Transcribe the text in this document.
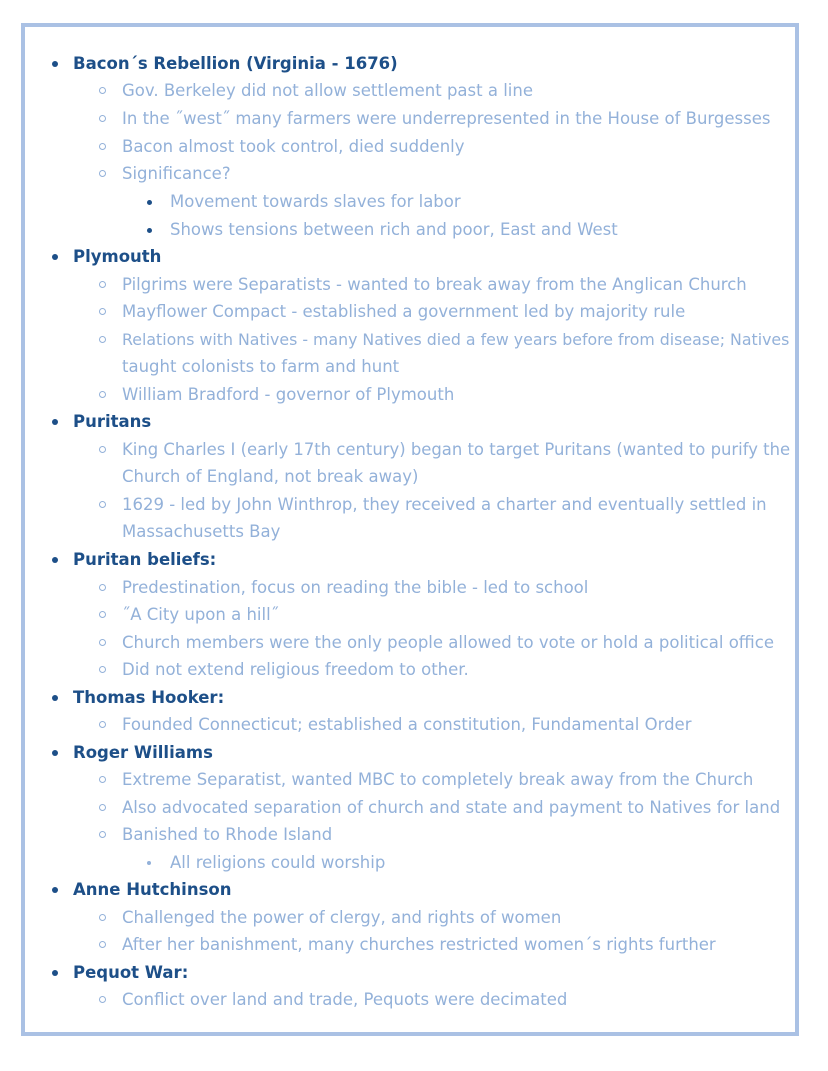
Bacon´s Rebellion (Virginia - 1676)
Gov. Berkeley did not allow settlement past a line
In the ˝west˝ many farmers were underrepresented in the House of Burgesses
Bacon almost took control, died suddenly
Significance?
Movement towards slaves for labor
Shows tensions between rich and poor, East and West
Plymouth
Pilgrims were Separatists - wanted to break away from the Anglican Church
Mayflower Compact - established a government led by majority rule
Relations with Natives - many Natives died a few years before from disease; Natives
taught colonists to farm and hunt
William Bradford - governor of Plymouth
Puritans
King Charles I (early 17th century) began to target Puritans (wanted to purify the
Church of England, not break away)
1629 - led by John Winthrop, they received a charter and eventually settled in
Massachusetts Bay
Puritan beliefs:
Predestination, focus on reading the bible - led to school
˝A City upon a hill˝
Church members were the only people allowed to vote or hold a political office
Did not extend religious freedom to other.
Thomas Hooker:
Founded Connecticut; established a constitution, Fundamental Order
Roger Williams
Extreme Separatist, wanted MBC to completely break away from the Church
Also advocated separation of church and state and payment to Natives for land
Banished to Rhode Island
All religions could worship
Anne Hutchinson
Challenged the power of clergy, and rights of women
After her banishment, many churches restricted women´s rights further
Pequot War:
Conflict over land and trade, Pequots were decimated
